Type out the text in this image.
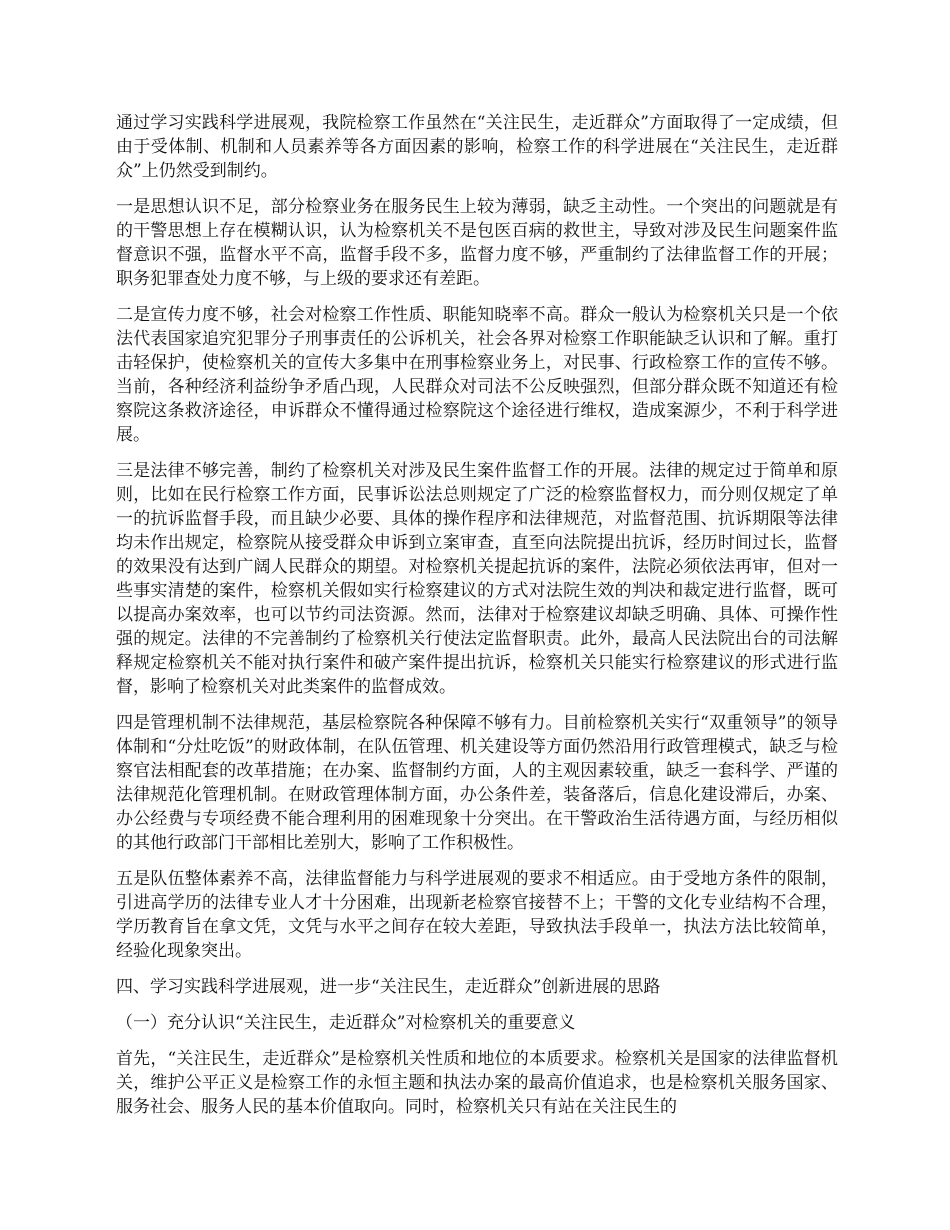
通过学习实践科学进展观，我院检察工作虽然在“关注民生，走近群众”方面取得了一定成绩，但由于受体制、机制和人员素养等各方面因素的影响，检察工作的科学进展在“关注民生，走近群众”上仍然受到制约。

一是思想认识不足，部分检察业务在服务民生上较为薄弱，缺乏主动性。一个突出的问题就是有的干警思想上存在模糊认识，认为检察机关不是包医百病的救世主，导致对涉及民生问题案件监督意识不强，监督水平不高，监督手段不多，监督力度不够，严重制约了法律监督工作的开展；职务犯罪查处力度不够，与上级的要求还有差距。

二是宣传力度不够，社会对检察工作性质、职能知晓率不高。群众一般认为检察机关只是一个依法代表国家追究犯罪分子刑事责任的公诉机关，社会各界对检察工作职能缺乏认识和了解。重打击轻保护，使检察机关的宣传大多集中在刑事检察业务上，对民事、行政检察工作的宣传不够。当前，各种经济利益纷争矛盾凸现，人民群众对司法不公反映强烈，但部分群众既不知道还有检察院这条救济途径，申诉群众不懂得通过检察院这个途径进行维权，造成案源少，不利于科学进展。

三是法律不够完善，制约了检察机关对涉及民生案件监督工作的开展。法律的规定过于简单和原则，比如在民行检察工作方面，民事诉讼法总则规定了广泛的检察监督权力，而分则仅规定了单一的抗诉监督手段，而且缺少必要、具体的操作程序和法律规范，对监督范围、抗诉期限等法律均未作出规定，检察院从接受群众申诉到立案审查，直至向法院提出抗诉，经历时间过长，监督的效果没有达到广阔人民群众的期望。对检察机关提起抗诉的案件，法院必须依法再审，但对一些事实清楚的案件，检察机关假如实行检察建议的方式对法院生效的判决和裁定进行监督，既可以提高办案效率，也可以节约司法资源。然而，法律对于检察建议却缺乏明确、具体、可操作性强的规定。法律的不完善制约了检察机关行使法定监督职责。此外，最高人民法院出台的司法解释规定检察机关不能对执行案件和破产案件提出抗诉，检察机关只能实行检察建议的形式进行监督，影响了检察机关对此类案件的监督成效。

四是管理机制不法律规范，基层检察院各种保障不够有力。目前检察机关实行“双重领导”的领导体制和“分灶吃饭”的财政体制，在队伍管理、机关建设等方面仍然沿用行政管理模式，缺乏与检察官法相配套的改革措施；在办案、监督制约方面，人的主观因素较重，缺乏一套科学、严谨的法律规范化管理机制。在财政管理体制方面，办公条件差，装备落后，信息化建设滞后，办案、办公经费与专项经费不能合理利用的困难现象十分突出。在干警政治生活待遇方面，与经历相似的其他行政部门干部相比差别大，影响了工作积极性。

五是队伍整体素养不高，法律监督能力与科学进展观的要求不相适应。由于受地方条件的限制，引进高学历的法律专业人才十分困难，出现新老检察官接替不上；干警的文化专业结构不合理，学历教育旨在拿文凭，文凭与水平之间存在较大差距，导致执法手段单一，执法方法比较简单，经验化现象突出。

四、学习实践科学进展观，进一步“关注民生，走近群众”创新进展的思路

（一）充分认识“关注民生，走近群众”对检察机关的重要意义

首先，“关注民生，走近群众”是检察机关性质和地位的本质要求。检察机关是国家的法律监督机关，维护公平正义是检察工作的永恒主题和执法办案的最高价值追求，也是检察机关服务国家、服务社会、服务人民的基本价值取向。同时，检察机关只有站在关注民生的
